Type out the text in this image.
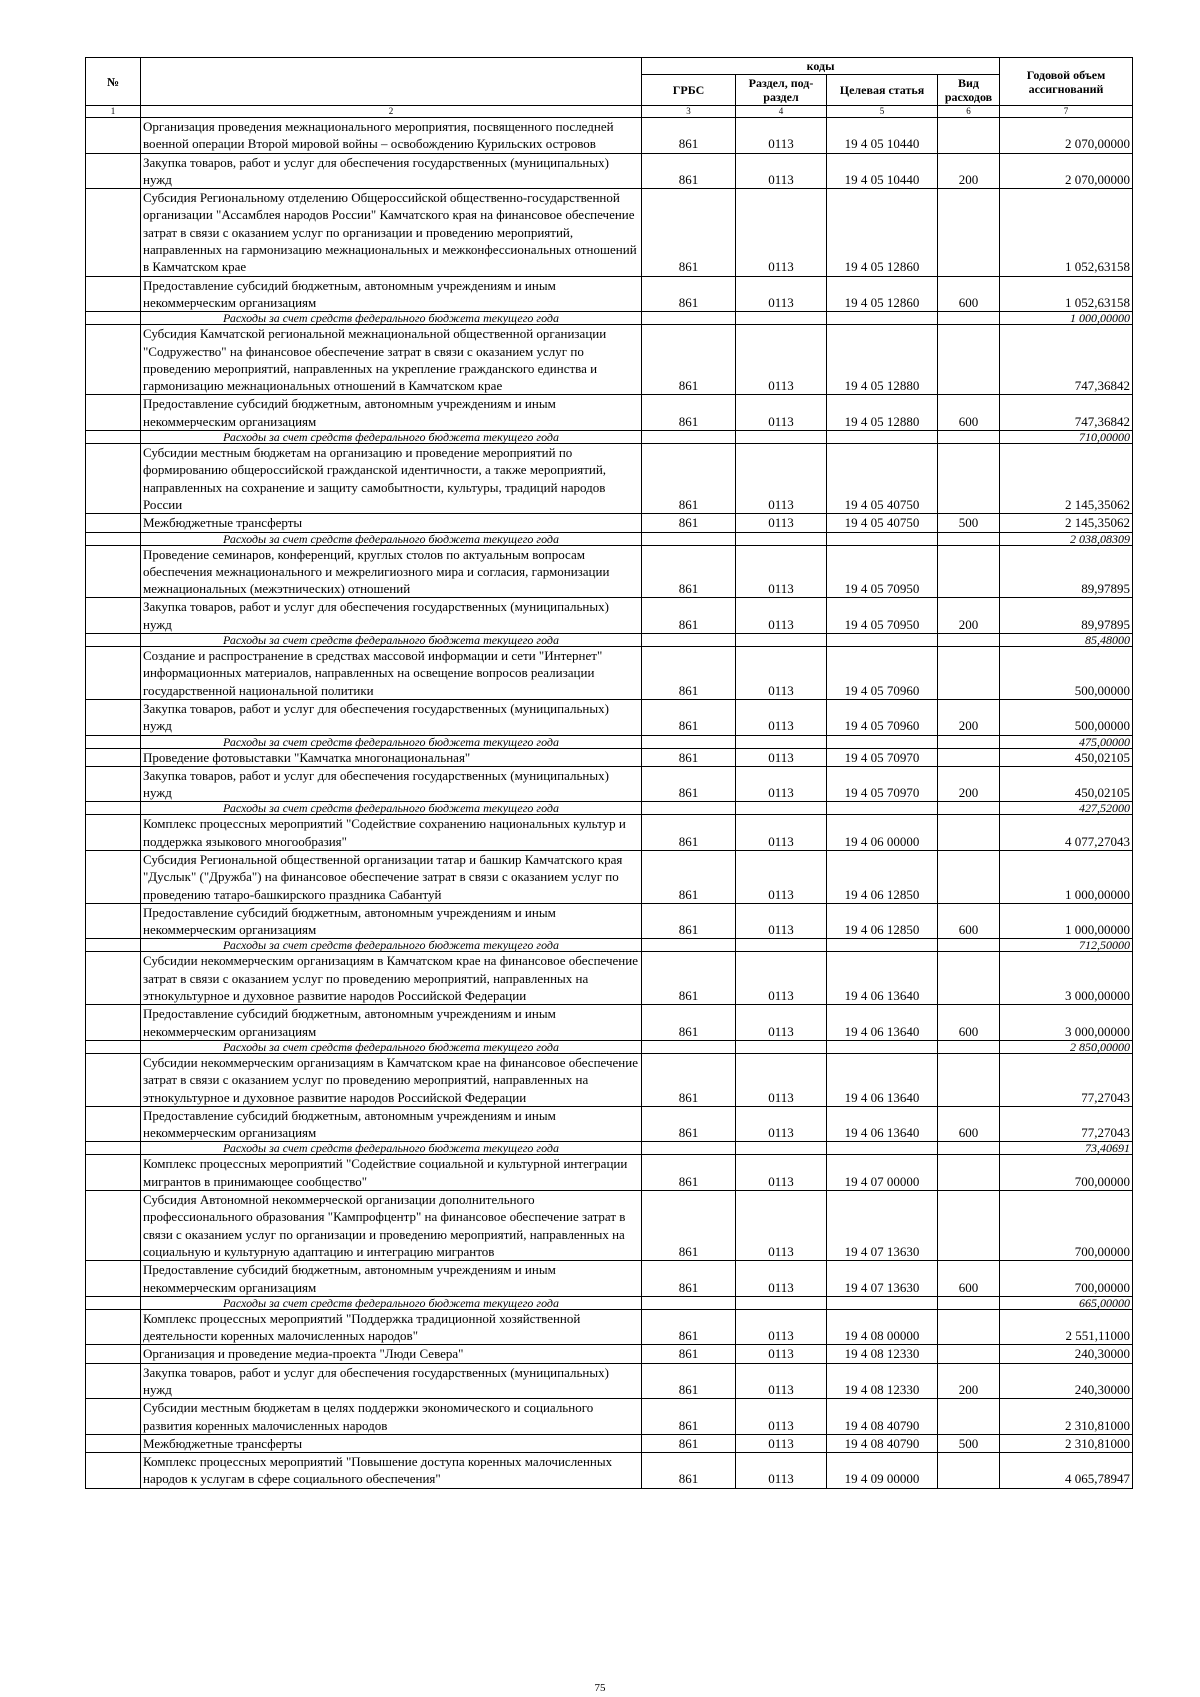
№		коды				Годовой объем ассигнований
		ГРБС	Раздел, под-раздел	Целевая статья	Вид расходов	
1	2	3	4	5	6	7
	Организация проведения межнационального мероприятия, посвященного последней военной операции Второй мировой войны – освобождению Курильских островов	861	0113	19 4 05 10440		2 070,00000
	Закупка товаров, работ и услуг для обеспечения государственных (муниципальных) нужд	861	0113	19 4 05 10440	200	2 070,00000
	Субсидия Региональному отделению Общероссийской общественно-государственной организации "Ассамблея народов России" Камчатского края на финансовое обеспечение затрат в связи с оказанием услуг по организации и проведению мероприятий, направленных на гармонизацию межнациональных и межконфессиональных отношений в Камчатском крае	861	0113	19 4 05 12860		1 052,63158
	Предоставление субсидий бюджетным, автономным учреждениям и иным некоммерческим организациям	861	0113	19 4 05 12860	600	1 052,63158
	Расходы за счет средств федерального бюджета текущего года					1 000,00000
	Субсидия Камчатской региональной межнациональной общественной организации "Содружество" на финансовое обеспечение затрат в связи с оказанием услуг по проведению мероприятий, направленных на укрепление гражданского единства и гармонизацию межнациональных отношений в Камчатском крае	861	0113	19 4 05 12880		747,36842
	Предоставление субсидий бюджетным, автономным учреждениям и иным некоммерческим организациям	861	0113	19 4 05 12880	600	747,36842
	Расходы за счет средств федерального бюджета текущего года					710,00000
	Субсидии местным бюджетам на организацию и проведение мероприятий по формированию общероссийской гражданской идентичности, а также мероприятий, направленных на сохранение и защиту самобытности, культуры, традиций народов России	861	0113	19 4 05 40750		2 145,35062
	Межбюджетные трансферты	861	0113	19 4 05 40750	500	2 145,35062
	Расходы за счет средств федерального бюджета текущего года					2 038,08309
	Проведение семинаров, конференций, круглых столов по актуальным вопросам обеспечения межнационального и межрелигиозного мира и согласия, гармонизации межнациональных (межэтнических) отношений	861	0113	19 4 05 70950		89,97895
	Закупка товаров, работ и услуг для обеспечения государственных (муниципальных) нужд	861	0113	19 4 05 70950	200	89,97895
	Расходы за счет средств федерального бюджета текущего года					85,48000
	Создание и распространение в средствах массовой информации и сети "Интернет" информационных материалов, направленных на освещение вопросов реализации государственной национальной политики	861	0113	19 4 05 70960		500,00000
	Закупка товаров, работ и услуг для обеспечения государственных (муниципальных) нужд	861	0113	19 4 05 70960	200	500,00000
	Расходы за счет средств федерального бюджета текущего года					475,00000
	Проведение фотовыставки "Камчатка многонациональная"	861	0113	19 4 05 70970		450,02105
	Закупка товаров, работ и услуг для обеспечения государственных (муниципальных) нужд	861	0113	19 4 05 70970	200	450,02105
	Расходы за счет средств федерального бюджета текущего года					427,52000
	Комплекс процессных мероприятий "Содействие сохранению национальных культур и поддержка языкового многообразия"	861	0113	19 4 06 00000		4 077,27043
	Субсидия Региональной общественной организации татар и башкир Камчатского края "Дуслык" ("Дружба") на финансовое обеспечение затрат в связи с оказанием услуг по проведению татаро-башкирского праздника Сабантуй	861	0113	19 4 06 12850		1 000,00000
	Предоставление субсидий бюджетным, автономным учреждениям и иным некоммерческим организациям	861	0113	19 4 06 12850	600	1 000,00000
	Расходы за счет средств федерального бюджета текущего года					712,50000
	Субсидии некоммерческим организациям в Камчатском крае на финансовое обеспечение затрат в связи с оказанием услуг по проведению мероприятий, направленных на этнокультурное и духовное развитие народов Российской Федерации	861	0113	19 4 06 13640		3 000,00000
	Предоставление субсидий бюджетным, автономным учреждениям и иным некоммерческим организациям	861	0113	19 4 06 13640	600	3 000,00000
	Расходы за счет средств федерального бюджета текущего года					2 850,00000
	Субсидии некоммерческим организациям в Камчатском крае на финансовое обеспечение затрат в связи с оказанием услуг по проведению мероприятий, направленных на этнокультурное и духовное развитие народов Российской Федерации	861	0113	19 4 06 13640		77,27043
	Предоставление субсидий бюджетным, автономным учреждениям и иным некоммерческим организациям	861	0113	19 4 06 13640	600	77,27043
	Расходы за счет средств федерального бюджета текущего года					73,40691
	Комплекс процессных мероприятий "Содействие социальной и культурной интеграции мигрантов в принимающее сообщество"	861	0113	19 4 07 00000		700,00000
	Субсидия Автономной некоммерческой организации дополнительного профессионального образования "Кампрофцентр" на финансовое обеспечение затрат в связи с оказанием услуг по организации и проведению мероприятий, направленных на социальную и культурную адаптацию и интеграцию мигрантов	861	0113	19 4 07 13630		700,00000
	Предоставление субсидий бюджетным, автономным учреждениям и иным некоммерческим организациям	861	0113	19 4 07 13630	600	700,00000
	Расходы за счет средств федерального бюджета текущего года					665,00000
	Комплекс процессных мероприятий "Поддержка традиционной хозяйственной деятельности коренных малочисленных народов"	861	0113	19 4 08 00000		2 551,11000
	Организация и проведение медиа-проекта "Люди Севера"	861	0113	19 4 08 12330		240,30000
	Закупка товаров, работ и услуг для обеспечения государственных (муниципальных) нужд	861	0113	19 4 08 12330	200	240,30000
	Субсидии местным бюджетам в целях поддержки экономического и социального развития коренных малочисленных народов	861	0113	19 4 08 40790		2 310,81000
	Межбюджетные трансферты	861	0113	19 4 08 40790	500	2 310,81000
	Комплекс процессных мероприятий "Повышение доступа коренных малочисленных народов к услугам в сфере социального обеспечения"	861	0113	19 4 09 00000		4 065,78947
75
